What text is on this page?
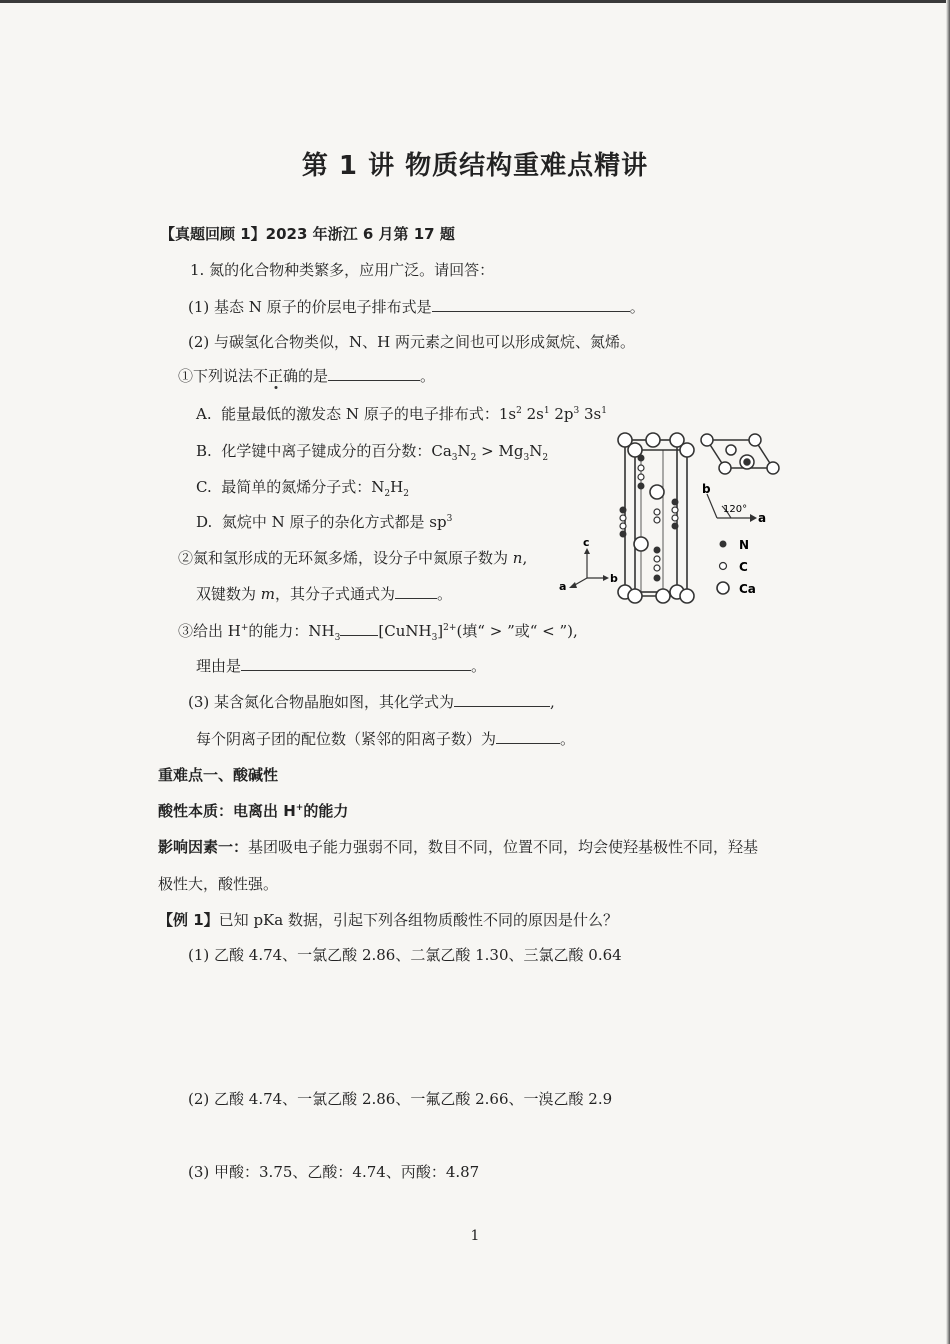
第 1 讲 物质结构重难点精讲
【真题回顾 1】2023 年浙江 6 月第 17 题
1. 氮的化合物种类繁多，应用广泛。请回答：
(1) 基态 N 原子的价层电子排布式是	。
(2) 与碳氢化合物类似，N、H 两元素之间也可以形成氮烷、氮烯。
①下列说法不正确的是	。
A. 能量最低的激发态 N 原子的电子排布式：$1s^2$ $2s^1$ $2p^3$ $3s^1$
B. 化学键中离子键成分的百分数：$Ca_3N_2 > Mg_3N_2$
C. 最简单的氮烯分子式：$N_2H_2$
D. 氮烷中 N 原子的杂化方式都是 $sp^3$
②氮和氢形成的无环氮多烯，设分子中氮原子数为 n,
双键数为 m，其分子式通式为	。
③给出 H+的能力：$NH_3$	[CuNH$_3$]$^{2+}$(填“ > ”或“ < ”),
理由是	。
(3) 某含氮化合物晶胞如图，其化学式为	,
每个阴离子团的配位数（紧邻的阳离子数）为	。
b
a
120°
N
C
Ca
c
b
a
重难点一、酸碱性
酸性本质：电离出 H+的能力
影响因素一：基团吸电子能力强弱不同，数目不同，位置不同，均会使羟基极性不同，羟基
极性大，酸性强。
【例 1】已知 pKa 数据，引起下列各组物质酸性不同的原因是什么？
(1) 乙酸 4.74、一氯乙酸 2.86、二氯乙酸 1.30、三氯乙酸 0.64
(2) 乙酸 4.74、一氯乙酸 2.86、一氟乙酸 2.66、一溴乙酸 2.9
(3) 甲酸：3.75、乙酸：4.74、丙酸：4.87
1
